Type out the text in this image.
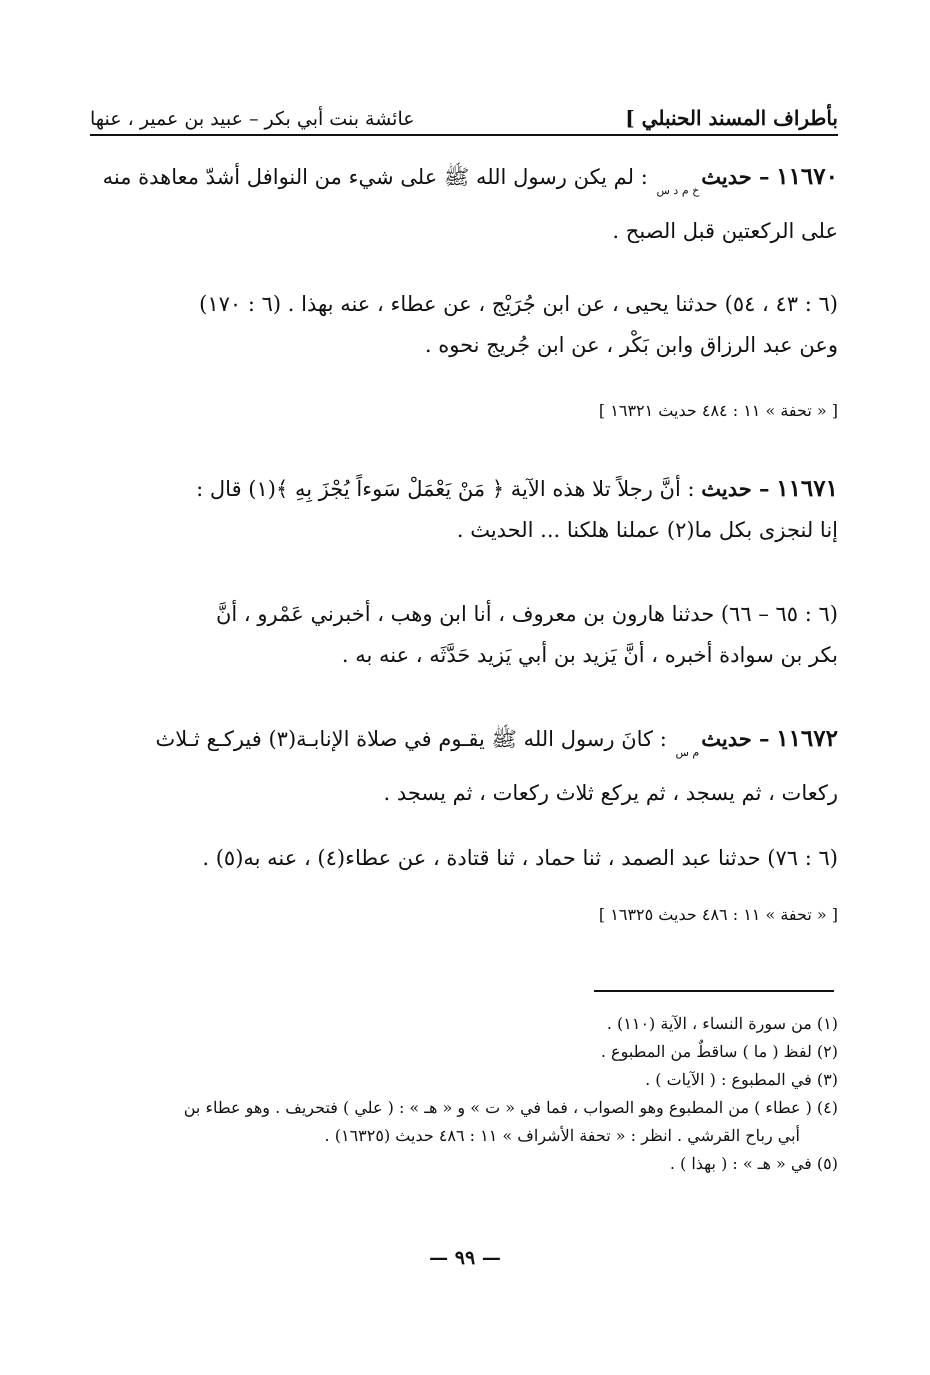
عائشة بنت أبي بكر – عبيد بن عمير ، عنها	بأطراف المسند الحنبلي ]
١١٦٧٠ – حديثخ م د س : لم يكن رسول الله ﷺ على شيء من النوافل أشدّ معاهدة منه
على الركعتين قبل الصبح .
(٦ : ٤٣ ، ٥٤) حدثنا يحيى ، عن ابن جُرَيْج ، عن عطاء ، عنه بهذا . (٦ : ١٧٠)
وعن عبد الرزاق وابن بَكْر ، عن ابن جُريج نحوه .
[ « تحفة » ١١ : ٤٨٤ حديث ١٦٣٢١ ]
١١٦٧١ – حديث : أنَّ رجلاً تلا هذه الآية ﴿ مَنْ يَعْمَلْ سَوءاً يُجْزَ بِهِ ﴾(١) قال :
إنا لنجزى بكل ما(٢) عملنا هلكنا ... الحديث .
(٦ : ٦٥ – ٦٦) حدثنا هارون بن معروف ، أنا ابن وهب ، أخبرني عَمْرو ، أنَّ
بكر بن سوادة أخبره ، أنَّ يَزيد بن أبي يَزيد حَدَّثَه ، عنه به .
١١٦٧٢ – حديثم س : كانَ رسول الله ﷺ يقـوم في صلاة الإنابـة(٣) فيركـع ثـلاث
ركعات ، ثم يسجد ، ثم يركع ثلاث ركعات ، ثم يسجد .
(٦ : ٧٦) حدثنا عبد الصمد ، ثنا حماد ، ثنا قتادة ، عن عطاء(٤) ، عنه به(٥) .
[ « تحفة » ١١ : ٤٨٦ حديث ١٦٣٢٥ ]
(١) من سورة النساء ، الآية (١١٠) .
(٢) لفظ ( ما ) ساقطٌ من المطبوع .
(٣) في المطبوع : ( الآيات ) .
(٤) ( عطاء ) من المطبوع وهو الصواب ، فما في « ت » و « هـ » : ( علي ) فتحريف . وهو عطاء بن
أبي رباح القرشي . انظر : « تحفة الأشراف » ١١ : ٤٨٦ حديث (١٦٣٢٥) .
(٥) في « هـ » : ( بهذا ) .
— ٩٩ —
